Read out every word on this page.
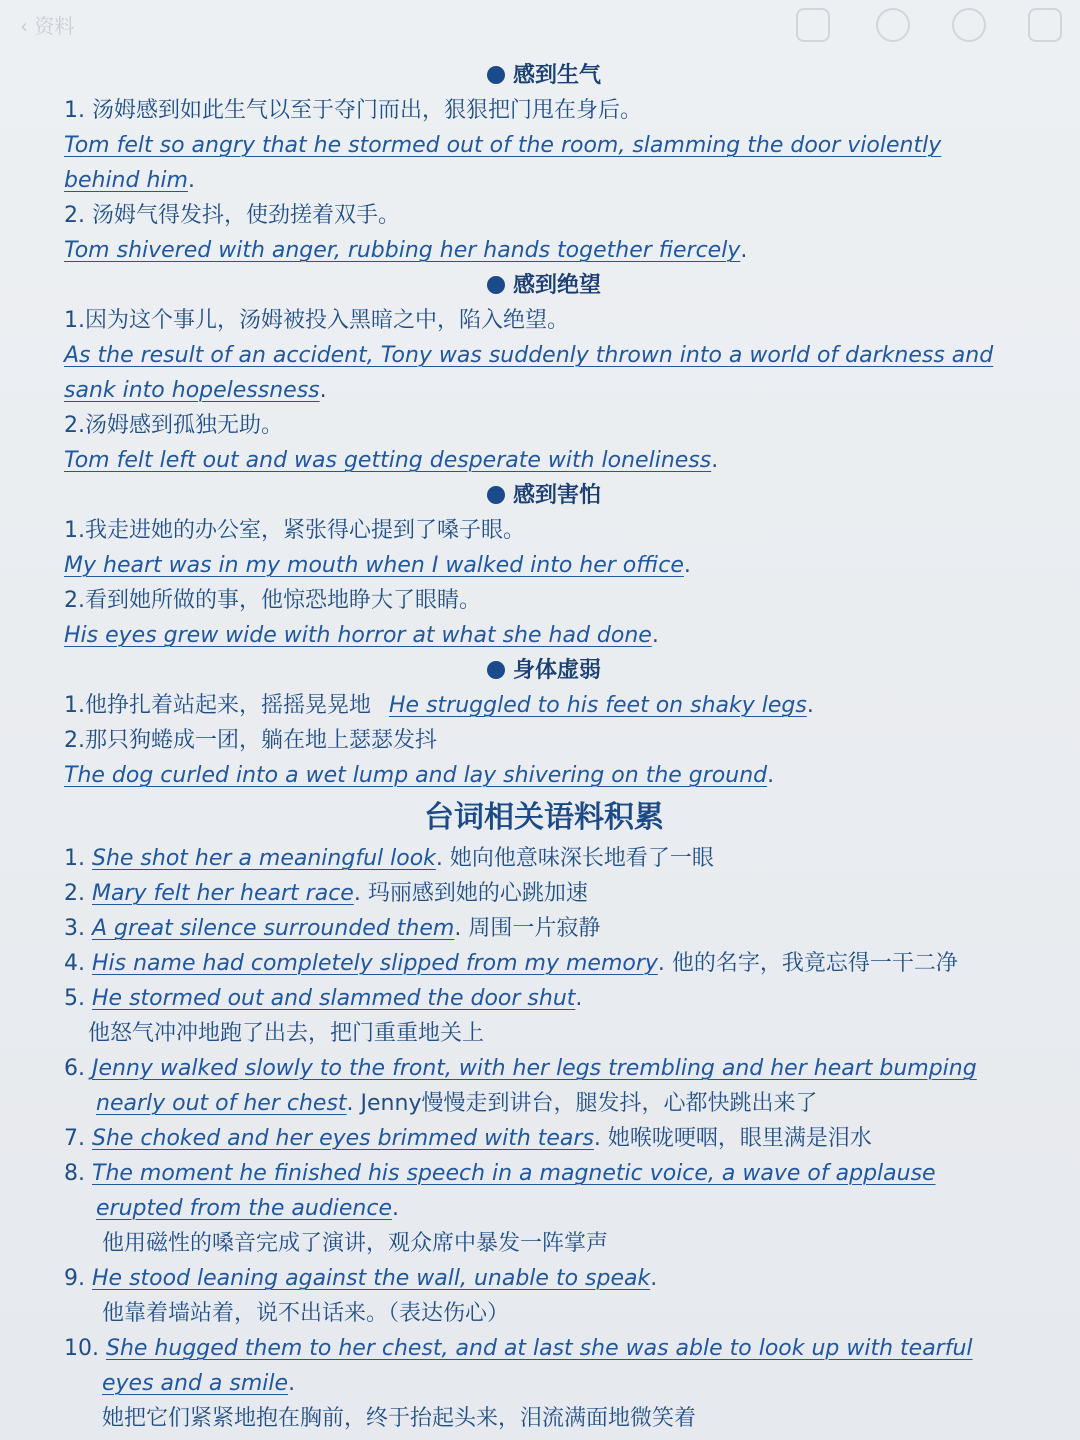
‹ 资料
感到生气
1. 汤姆感到如此生气以至于夺门而出，狠狠把门甩在身后。
Tom felt so angry that he stormed out of the room, slamming the door violently
behind him.
2. 汤姆气得发抖，使劲搓着双手。
Tom shivered with anger, rubbing her hands together fiercely.
感到绝望
1.因为这个事儿，汤姆被投入黑暗之中，陷入绝望。
As the result of an accident, Tony was suddenly thrown into a world of darkness and
sank into hopelessness.
2.汤姆感到孤独无助。
Tom felt left out and was getting desperate with loneliness.
感到害怕
1.我走进她的办公室，紧张得心提到了嗓子眼。
My heart was in my mouth when I walked into her office.
2.看到她所做的事，他惊恐地睁大了眼睛。
His eyes grew wide with horror at what she had done.
身体虚弱
1.他挣扎着站起来，摇摇晃晃地 He struggled to his feet on shaky legs.
2.那只狗蜷成一团，躺在地上瑟瑟发抖
The dog curled into a wet lump and lay shivering on the ground.
台词相关语料积累
1. She shot her a meaningful look. 她向他意味深长地看了一眼
2. Mary felt her heart race. 玛丽感到她的心跳加速
3. A great silence surrounded them. 周围一片寂静
4. His name had completely slipped from my memory. 他的名字，我竟忘得一干二净
5. He stormed out and slammed the door shut.
他怒气冲冲地跑了出去，把门重重地关上
6. Jenny walked slowly to the front, with her legs trembling and her heart bumping
nearly out of her chest. Jenny慢慢走到讲台，腿发抖，心都快跳出来了
7. She choked and her eyes brimmed with tears. 她喉咙哽咽，眼里满是泪水
8. The moment he finished his speech in a magnetic voice, a wave of applause
erupted from the audience.
他用磁性的嗓音完成了演讲，观众席中暴发一阵掌声
9. He stood leaning against the wall, unable to speak.
他靠着墙站着，说不出话来。（表达伤心）
10. She hugged them to her chest, and at last she was able to look up with tearful
eyes and a smile.
她把它们紧紧地抱在胸前，终于抬起头来，泪流满面地微笑着
